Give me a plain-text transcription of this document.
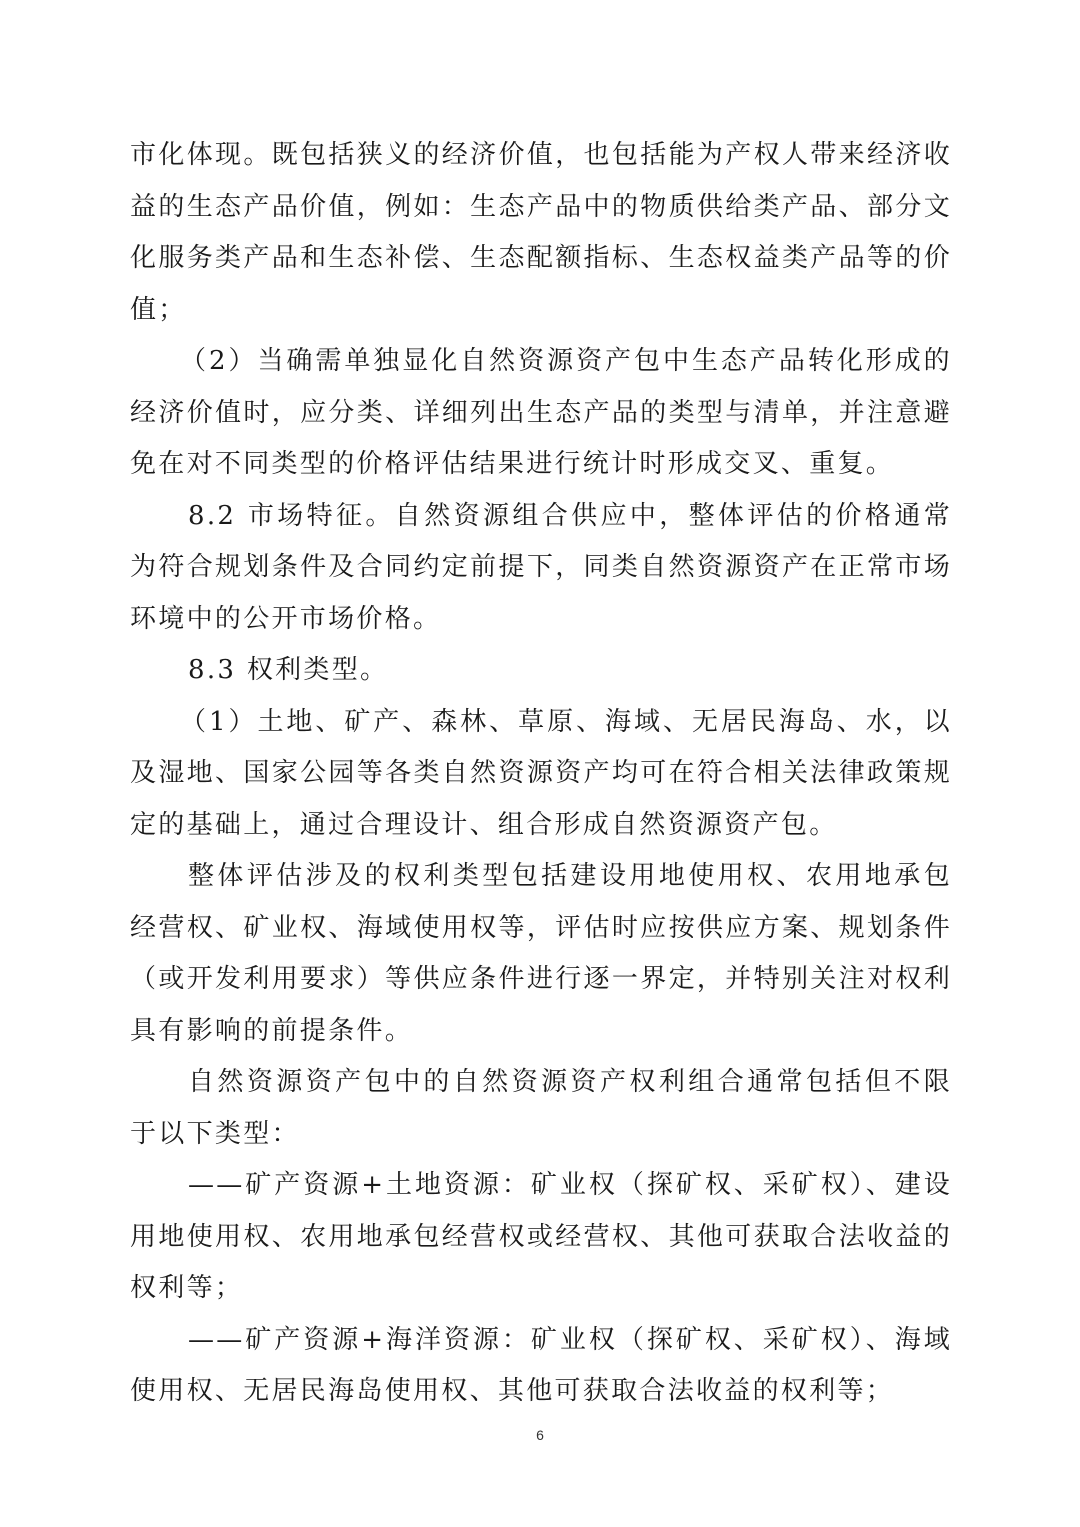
市化体现。既包括狭义的经济价值，也包括能为产权人带来经济收益的生态产品价值，例如：生态产品中的物质供给类产品、部分文化服务类产品和生态补偿、生态配额指标、生态权益类产品等的价值；

（2）当确需单独显化自然资源资产包中生态产品转化形成的经济价值时，应分类、详细列出生态产品的类型与清单，并注意避免在对不同类型的价格评估结果进行统计时形成交叉、重复。

8.2 市场特征。自然资源组合供应中，整体评估的价格通常为符合规划条件及合同约定前提下，同类自然资源资产在正常市场环境中的公开市场价格。

8.3 权利类型。

（1）土地、矿产、森林、草原、海域、无居民海岛、水，以及湿地、国家公园等各类自然资源资产均可在符合相关法律政策规定的基础上，通过合理设计、组合形成自然资源资产包。

整体评估涉及的权利类型包括建设用地使用权、农用地承包经营权、矿业权、海域使用权等，评估时应按供应方案、规划条件（或开发利用要求）等供应条件进行逐一界定，并特别关注对权利具有影响的前提条件。

自然资源资产包中的自然资源资产权利组合通常包括但不限于以下类型：

——矿产资源+土地资源：矿业权（探矿权、采矿权）、建设用地使用权、农用地承包经营权或经营权、其他可获取合法收益的权利等；

——矿产资源+海洋资源：矿业权（探矿权、采矿权）、海域使用权、无居民海岛使用权、其他可获取合法收益的权利等；

6
